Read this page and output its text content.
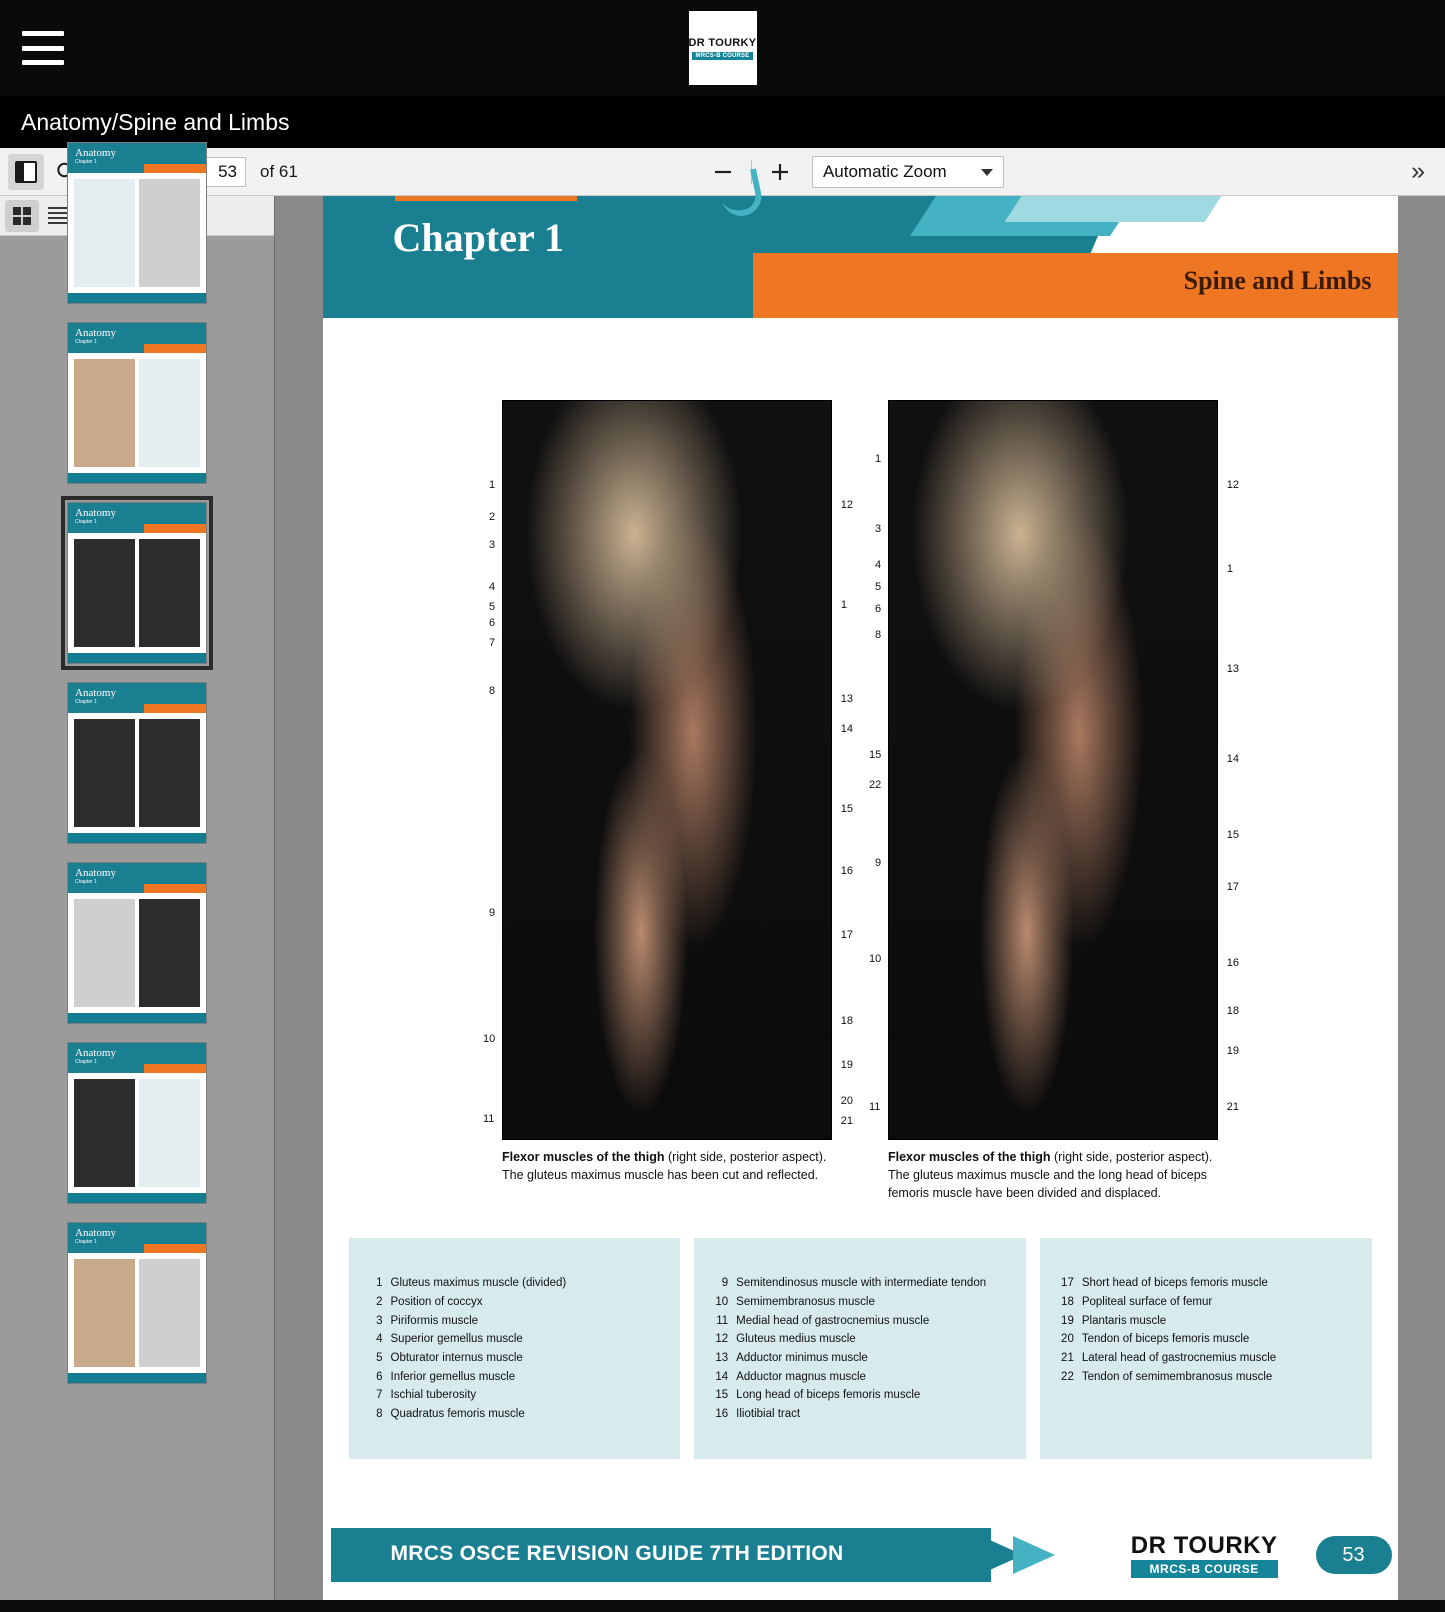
DR TOURKY
MRCS-B COURSE
Anatomy/Spine and Limbs
53
of 61	Automatic Zoom	»
Anatomy
Chapter 1
Anatomy
Chapter 1
Anatomy
Chapter 1
Anatomy
Chapter 1
Anatomy
Chapter 1
Anatomy
Chapter 1
Anatomy
Chapter 1
Chapter 1
Spine and Limbs
1
2
3
4
5
6
7
8
9
10
11
12
1
13
14
15
16
17
18
19
20
21
Flexor muscles of the thigh (right side, posterior aspect).
The gluteus maximus muscle has been cut and reflected.
1
3
4
5
6
8
15
22
9
10
11
12
1
13
14
15
17
16
18
19
21
Flexor muscles of the thigh (right side, posterior aspect).
The gluteus maximus muscle and the long head of biceps femoris muscle have been divided and displaced.
1 Gluteus maximus muscle (divided)
2 Position of coccyx
3 Piriformis muscle
4 Superior gemellus muscle
5 Obturator internus muscle
6 Inferior gemellus muscle
7 Ischial tuberosity
8 Quadratus femoris muscle
9 Semitendinosus muscle with intermediate tendon
10 Semimembranosus muscle
11 Medial head of gastrocnemius muscle
12 Gluteus medius muscle
13 Adductor minimus muscle
14 Adductor magnus muscle
15 Long head of biceps femoris muscle
16 Iliotibial tract
17 Short head of biceps femoris muscle
18 Popliteal surface of femur
19 Plantaris muscle
20 Tendon of biceps femoris muscle
21 Lateral head of gastrocnemius muscle
22 Tendon of semimembranosus muscle
MRCS OSCE REVISION GUIDE 7TH EDITION	DR TOURKY
MRCS-B COURSE
53
